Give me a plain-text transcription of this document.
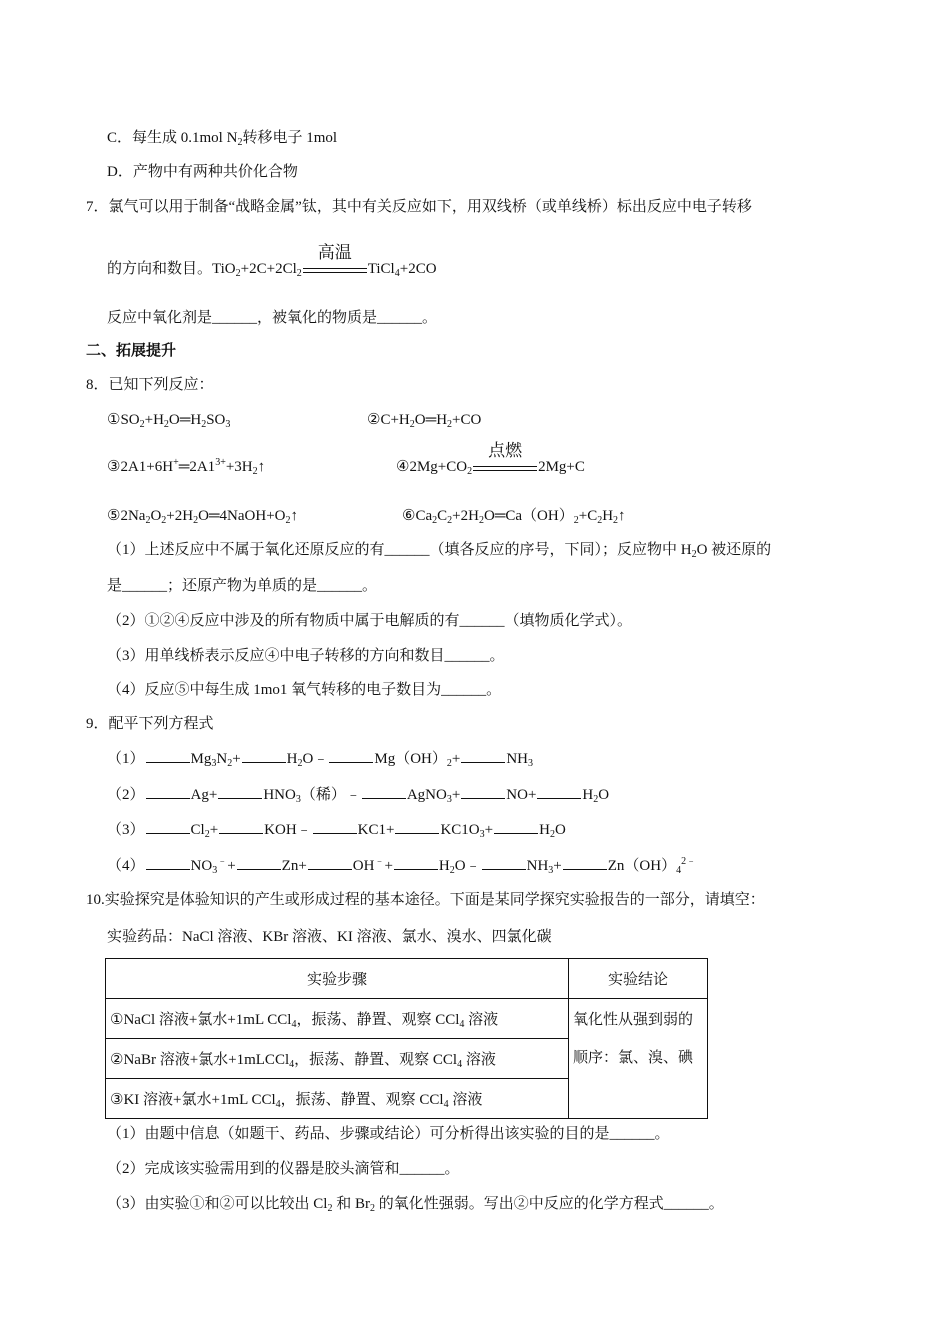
C．每生成 0.1mol $N_2$转移电子 1mol
D．产物中有两种共价化合物
7．氯气可以用于制备“战略金属”钛，其中有关反应如下，用双线桥（或单线桥）标出反应中电子转移
的方向和数目。$TiO_2+2C+2Cl_2$
高温
TiCl$_4$+2CO
反应中氧化剂是______，被氧化的物质是______。
二、拓展提升
8．已知下列反应：
$①SO_2+H_2O═H_2SO_3$	$②C+H_2O═H_2+CO$
$③2A1+6H^+═2A1^{3+}+3H_2↑$	$④2Mg+CO_2$
点燃
2Mg+C
$⑤2Na_2O_2+2H_2O═4NaOH+O_2↑$	$⑥Ca_2C_2+2H_2O═Ca(OH)_2+C_2H_2↑$
（1）上述反应中不属于氧化还原反应的有______（填各反应的序号，下同）；反应物中 $H_2O$ 被还原的
是______；还原产物为单质的是______。
（2）①②④反应中涉及的所有物质中属于电解质的有______（填物质化学式）。
（3）用单线桥表示反应④中电子转移的方向和数目______。
（4）反应⑤中每生成 1mo1 氧气转移的电子数目为______。
9．配平下列方程式
（1）	$Mg_3N_2+$	$H_2O﹣$	$Mg(OH)_2+$	$NH_3$
（2）	Ag+	$HNO_3$（稀）﹣	AgNO$_3$+	NO+	$H_2O$
（3）	$Cl_2+$	KOH﹣	KC1+	$KC1O_3+$	$H_2O$
（4）	$NO_3^﹣+$	Zn+	OH﹣+	$H_2O﹣$	$NH_3+$	$Zn(OH)_4^{2﹣}$
10.实验探究是体验知识的产生或形成过程的基本途径。下面是某同学探究实验报告的一部分，请填空：
实验药品：NaCl 溶液、KBr 溶液、KI 溶液、氯水、溴水、四氯化碳
实验步骤	实验结论
①NaCl 溶液+氯水+1mL CCl$_4$，振荡、静置、观察 CCl$_4$ 溶液	氧化性从强到弱的顺序：氯、溴、碘
②NaBr 溶液+氯水+1mLCCl$_4$，振荡、静置、观察 CCl$_4$ 溶液	
③KI 溶液+氯水+1mL CCl$_4$，振荡、静置、观察 CCl$_4$ 溶液	
（1）由题中信息（如题干、药品、步骤或结论）可分析得出该实验的目的是______。
（2）完成该实验需用到的仪器是胶头滴管和______。
（3）由实验①和②可以比较出 $Cl_2$ 和 $Br_2$ 的氧化性强弱。写出②中反应的化学方程式______。
